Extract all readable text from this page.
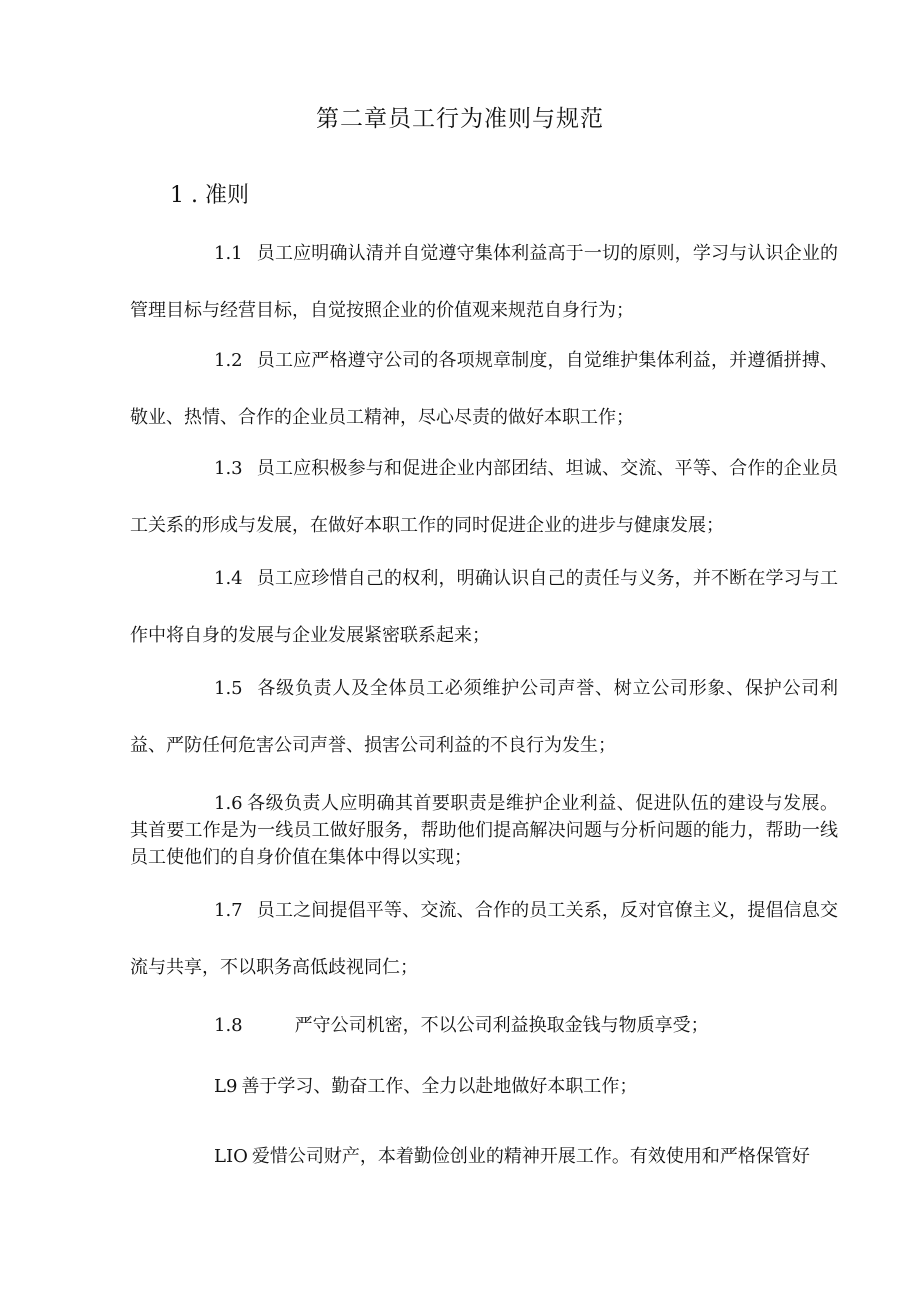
第二章员工行为准则与规范
1 . 准则
1.1 员工应明确认清并自觉遵守集体利益高于一切的原则，学习与认识企业的管理目标与经营目标，自觉按照企业的价值观来规范自身行为；
1.2 员工应严格遵守公司的各项规章制度，自觉维护集体利益，并遵循拼搏、敬业、热情、合作的企业员工精神，尽心尽责的做好本职工作；
1.3 员工应积极参与和促进企业内部团结、坦诚、交流、平等、合作的企业员工关系的形成与发展，在做好本职工作的同时促进企业的进步与健康发展；
1.4 员工应珍惜自己的权利，明确认识自己的责任与义务，并不断在学习与工作中将自身的发展与企业发展紧密联系起来；
1.5 各级负责人及全体员工必须维护公司声誉、树立公司形象、保护公司利益、严防任何危害公司声誉、损害公司利益的不良行为发生；
1.6 各级负责人应明确其首要职责是维护企业利益、促进队伍的建设与发展。其首要工作是为一线员工做好服务，帮助他们提高解决问题与分析问题的能力，帮助一线员工使他们的自身价值在集体中得以实现；
1.7 员工之间提倡平等、交流、合作的员工关系，反对官僚主义，提倡信息交流与共享，不以职务高低歧视同仁；
1.8	严守公司机密，不以公司利益换取金钱与物质享受；
L9 善于学习、勤奋工作、全力以赴地做好本职工作；
LIO 爱惜公司财产，本着勤俭创业的精神开展工作。有效使用和严格保管好
